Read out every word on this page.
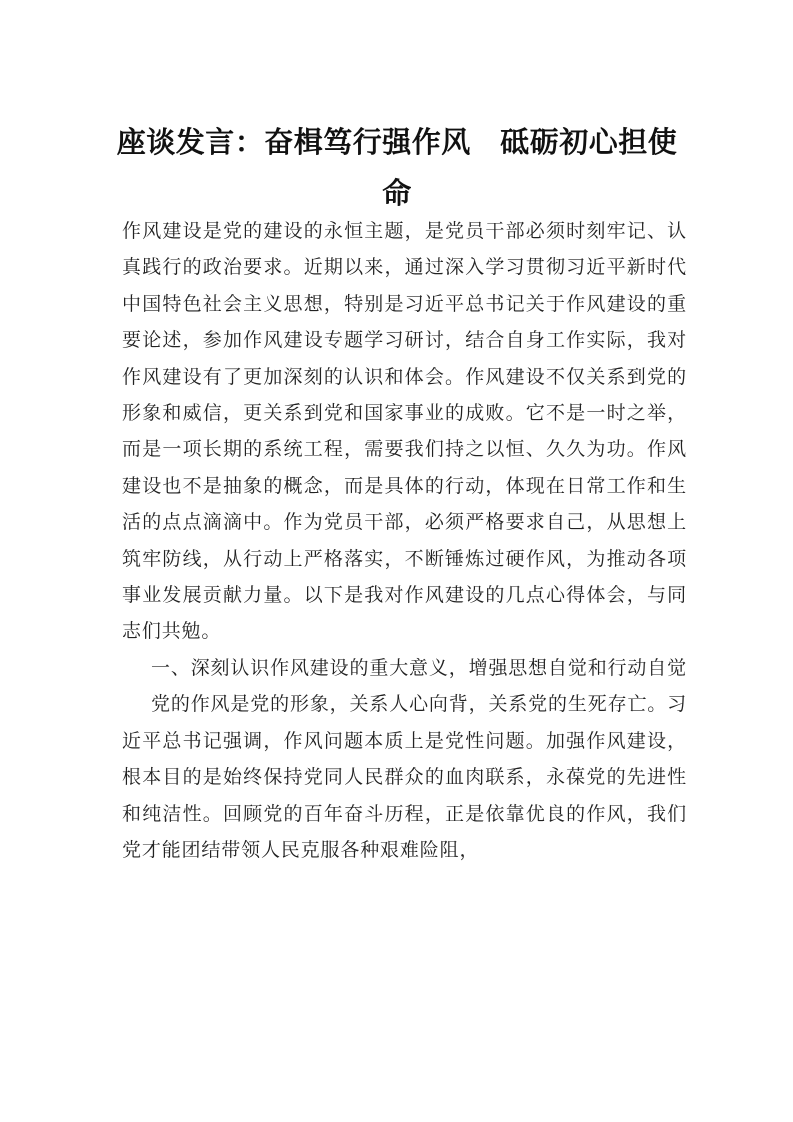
座谈发言：奋楫笃行强作风　砥砺初心担使命

作风建设是党的建设的永恒主题，是党员干部必须时刻牢记、认真践行的政治要求。近期以来，通过深入学习贯彻习近平新时代中国特色社会主义思想，特别是习近平总书记关于作风建设的重要论述，参加作风建设专题学习研讨，结合自身工作实际，我对作风建设有了更加深刻的认识和体会。作风建设不仅关系到党的形象和威信，更关系到党和国家事业的成败。它不是一时之举，而是一项长期的系统工程，需要我们持之以恒、久久为功。作风建设也不是抽象的概念，而是具体的行动，体现在日常工作和生活的点点滴滴中。作为党员干部，必须严格要求自己，从思想上筑牢防线，从行动上严格落实，不断锤炼过硬作风，为推动各项事业发展贡献力量。以下是我对作风建设的几点心得体会，与同志们共勉。

一、深刻认识作风建设的重大意义，增强思想自觉和行动自觉

党的作风是党的形象，关系人心向背，关系党的生死存亡。习近平总书记强调，作风问题本质上是党性问题。加强作风建设，根本目的是始终保持党同人民群众的血肉联系，永葆党的先进性和纯洁性。回顾党的百年奋斗历程，正是依靠优良的作风，我们党才能团结带领人民克服各种艰难险阻，
